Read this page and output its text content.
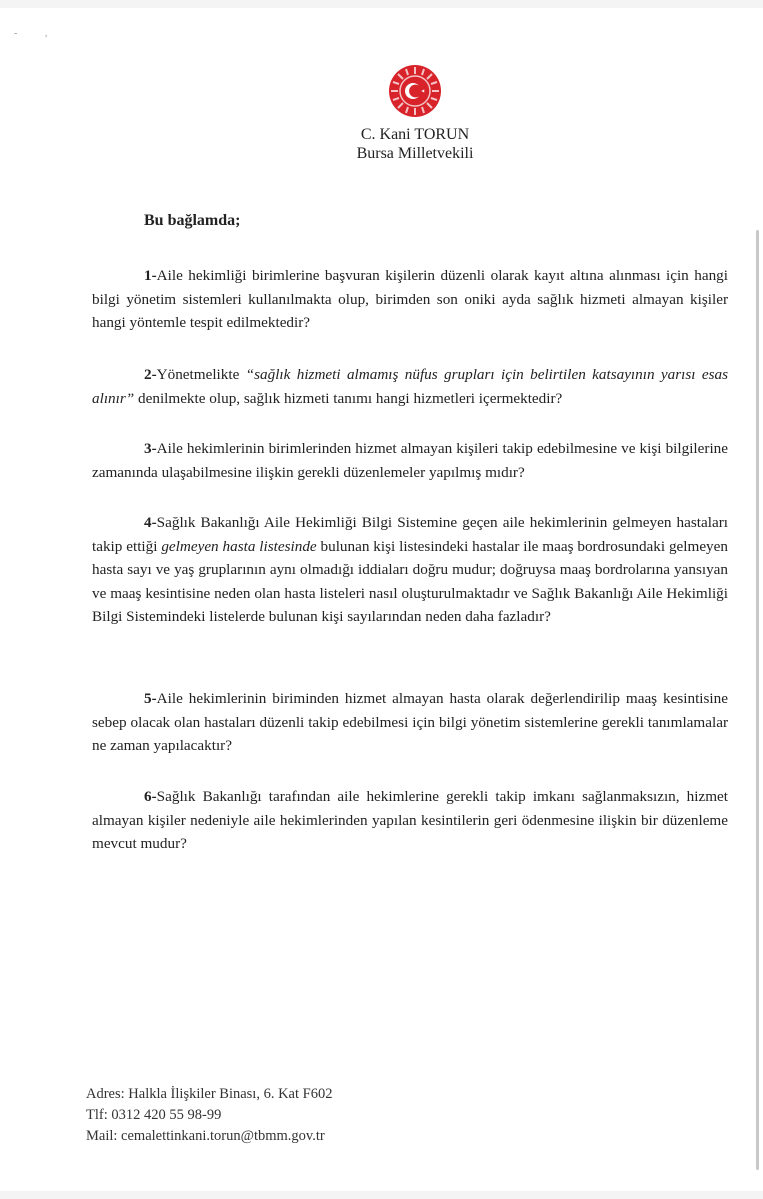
-           ,
C. Kani TORUN
Bursa Milletvekili
Bu bağlamda;
1-Aile hekimliği birimlerine başvuran kişilerin düzenli olarak kayıt altına alınması için hangi bilgi yönetim sistemleri kullanılmakta olup, birimden son oniki ayda sağlık hizmeti almayan kişiler hangi yöntemle tespit edilmektedir?
2-Yönetmelikte “sağlık hizmeti almamış nüfus grupları için belirtilen katsayının yarısı esas alınır” denilmekte olup, sağlık hizmeti tanımı hangi hizmetleri içermektedir?
3-Aile hekimlerinin birimlerinden hizmet almayan kişileri takip edebilmesine ve kişi bilgilerine zamanında ulaşabilmesine ilişkin gerekli düzenlemeler yapılmış mıdır?
4-Sağlık Bakanlığı Aile Hekimliği Bilgi Sistemine geçen aile hekimlerinin gelmeyen hastaları takip ettiği gelmeyen hasta listesinde bulunan kişi listesindeki hastalar ile maaş bordrosundaki gelmeyen hasta sayı ve yaş gruplarının aynı olmadığı iddiaları doğru mudur; doğruysa maaş bordrolarına yansıyan ve maaş kesintisine neden olan hasta listeleri nasıl oluşturulmaktadır ve Sağlık Bakanlığı Aile Hekimliği Bilgi Sistemindeki listelerde bulunan kişi sayılarından neden daha fazladır?
5-Aile hekimlerinin biriminden hizmet almayan hasta olarak değerlendirilip maaş kesintisine sebep olacak olan hastaları düzenli takip edebilmesi için bilgi yönetim sistemlerine gerekli tanımlamalar ne zaman yapılacaktır?
6-Sağlık Bakanlığı tarafından aile hekimlerine gerekli takip imkanı sağlanmaksızın, hizmet almayan kişiler nedeniyle aile hekimlerinden yapılan kesintilerin geri ödenmesine ilişkin bir düzenleme mevcut mudur?
Adres: Halkla İlişkiler Binası, 6. Kat F602
Tlf: 0312 420 55 98-99
Mail: cemalettinkani.torun@tbmm.gov.tr
